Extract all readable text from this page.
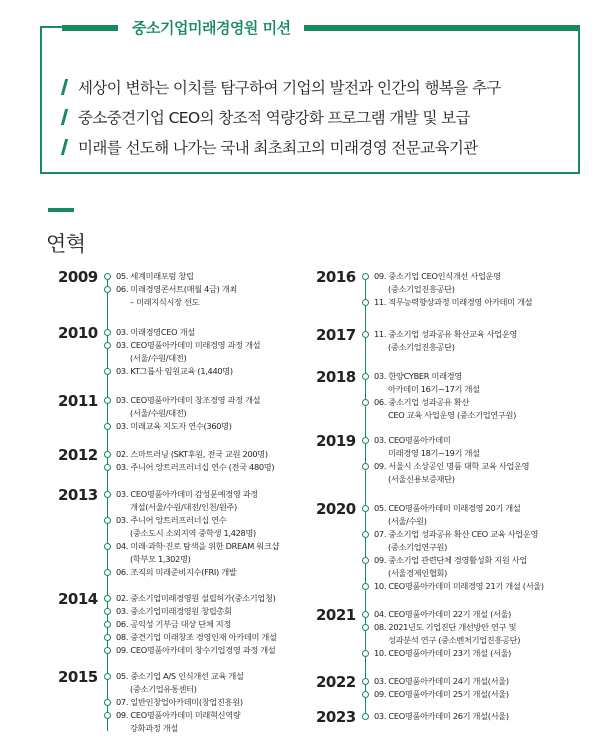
중소기업미래경영원 미션
세상이 변하는 이치를 탐구하여 기업의 발전과 인간의 행복을 추구
중소중견기업 CEO의 창조적 역량강화 프로그램 개발 및 보급
미래를 선도해 나가는 국내 최초최고의 미래경영 전문교육기관
연혁
2009 05. 세계미래포럼 창립
06. 미래경영콘서트(매월 4금) 개최
– 미래지식시장 선도
2010 03. 미래경영CEO 개설
03. CEO명품아카데미 미래경영 과정 개설
(서울/수원/대전)
03. KT그룹사 임원교육 (1,440명)
2011 03. CEO명품아카데미 창조경영 과정 개설
(서울/수원/대전)
03. 미래교육 지도자 연수(360명)
2012 02. 스마트러닝 (SKT후원, 전국 교원 200명)
03. 주니어 앙트러프러너십 연수 (전국 480명)
2013 03. CEO명품아카데미 감성문예경영 과정
개설(서울/수원/대전/인천/원주)
03. 주니어 앙트러프러너십 연수
(중소도시 소외지역 중학생 1,428명)
04. 미래·과학·진로 탐색을 위한 DREAM 워크샵
(학부모 1,302명)
06. 조직의 미래준비지수(FRI) 개발
2014 02. 중소기업미래경영원 설립허가(중소기업청)
03. 중소기업미래경영원 창립총회
06. 공익성 기부금 대상 단체 지정
08. 중견기업 미래창조 경영인재 아카데미 개설
09. CEO명품아카데미 창수기업경영 과정 개설
2015 05. 중소기업 A/S 인식개선 교육 개설
(중소기업유통센터)
07. 일반인창업아카데미(창업진흥원)
09. CEO명품아카데미 미래혁신역량
강화과정 개설
2016 09. 중소기업 CEO인식개선 사업운영
(중소기업진흥공단)
11. 직무능력향상과정 미래경영 아카데미 개설
2017 11. 중소기업 성과공유 확산교육 사업운영
(중소기업진흥공단)
2018 03. 한양CYBER 미래경영
아카데미 16기~17기 개설
06. 중소기업 성과공유 확산
CEO 교육 사업운영 (중소기업연구원)
2019 03. CEO명품아카데미
미래경영 18기~19기 개설
09. 서울시 소상공인 명품 대학 교육 사업운영
(서울신용보증재단)
2020 05. CEO명품아카데미 미래경영 20기 개설
(서울/수원)
07. 중소기업 성과공유 확산 CEO 교육 사업운영
(중소기업연구원)
09. 중소기업 관련단체 경영활성화 지원 사업
(서울경제인협회)
10. CEO명품아카데미 미래경영 21기 개설 (서울)
2021 04. CEO명품아카데미 22기 개설 (서울)
08. 2021년도 기업진단 개선방안 연구 및
성과분석 연구 (중소벤처기업진흥공단)
10. CEO명품아카데미 23기 개설 (서울)
2022 03. CEO명품아카데미 24기 개설(서울)
09. CEO명품아카데미 25기 개설(서울)
2023 03. CEO명품아카데미 26기 개설(서울)
